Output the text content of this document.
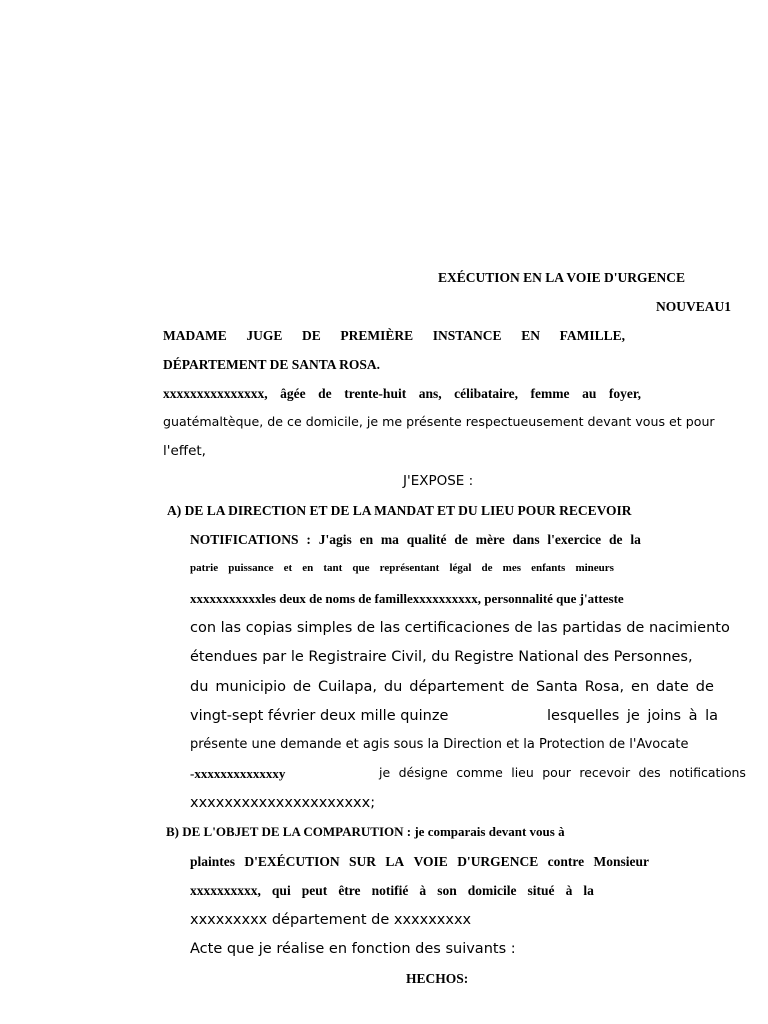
EXÉCUTION EN LA VOIE D'URGENCE
NOUVEAU1
MADAME JUGE DE PREMIÈRE INSTANCE EN FAMILLE,
DÉPARTEMENT DE SANTA ROSA.
xxxxxxxxxxxxxxx, âgée de trente-huit ans, célibataire, femme au foyer,
guatémaltèque, de ce domicile, je me présente respectueusement devant vous et pour
l'effet,
J'EXPOSE :
A) DE LA DIRECTION ET DE LA MANDAT ET DU LIEU POUR RECEVOIR
NOTIFICATIONS : J'agis en ma qualité de mère dans l'exercice de la
patrie puissance et en tant que représentant légal de mes enfants mineurs
xxxxxxxxxxxles deux de noms de famillexxxxxxxxxx, personnalité que j'atteste
con las copias simples de las certificaciones de las partidas de nacimiento
étendues par le Registraire Civil, du Registre National des Personnes,
du municipio de Cuilapa, du département de Santa Rosa, en date de
vingt-sept février deux mille quinze	lesquelles je joins à la
présente une demande et agis sous la Direction et la Protection de l'Avocate
-xxxxxxxxxxxxxy	je désigne comme lieu pour recevoir des notifications
xxxxxxxxxxxxxxxxxxxxx;
B) DE L'OBJET DE LA COMPARUTION : je comparais devant vous à
plaintes D'EXÉCUTION SUR LA VOIE D'URGENCE contre Monsieur
xxxxxxxxxx, qui peut être notifié à son domicile situé à la
xxxxxxxxx département de xxxxxxxxx
Acte que je réalise en fonction des suivants :
HECHOS:
